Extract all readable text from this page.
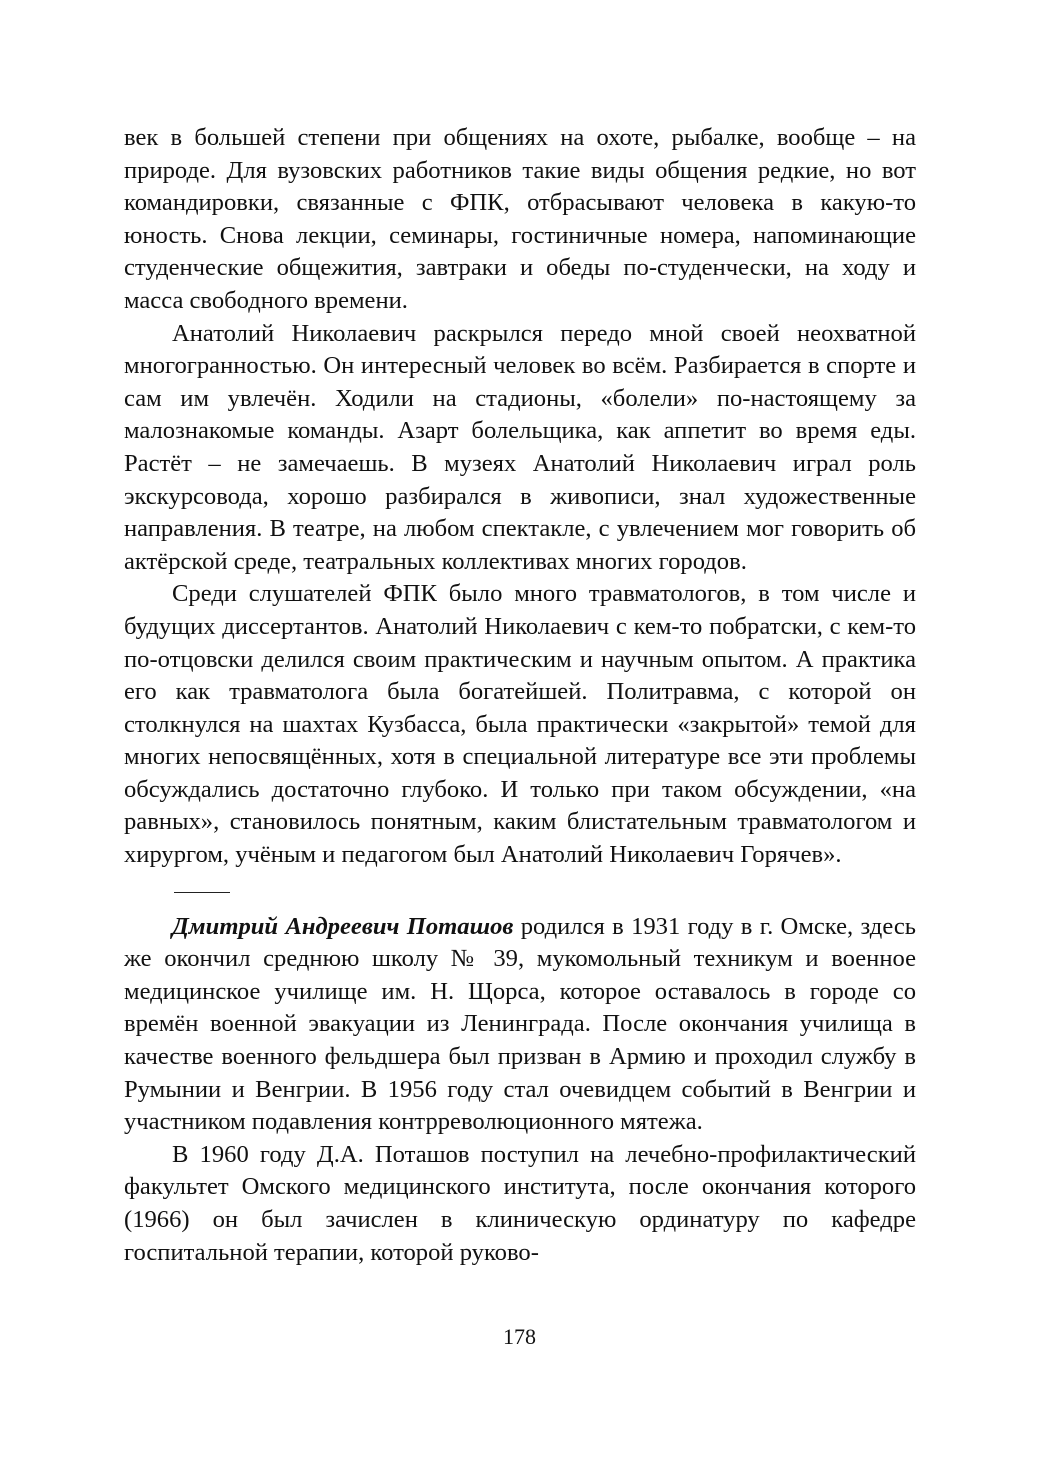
век в большей степени при общениях на охоте, рыбалке, вообще – на природе. Для вузовских работников такие виды общения редкие, но вот командировки, связанные с ФПК, отбрасывают человека в какую-то юность. Снова лекции, семинары, гостиничные номера, напоминающие студенческие общежития, завтраки и обеды по-студенчески, на ходу и масса свободного времени.

Анатолий Николаевич раскрылся передо мной своей неохватной многогранностью. Он интересный человек во всём. Разбирается в спорте и сам им увлечён. Ходили на стадионы, «болели» по-настоящему за малознакомые команды. Азарт болельщика, как аппетит во время еды. Растёт – не замечаешь. В музеях Анатолий Николаевич играл роль экскурсовода, хорошо разбирался в живописи, знал художественные направления. В театре, на любом спектакле, с увлечением мог говорить об актёрской среде, театральных коллективах многих городов.

Среди слушателей ФПК было много травматологов, в том числе и будущих диссертантов. Анатолий Николаевич с кем-то побратски, с кем-то по-отцовски делился своим практическим и научным опытом. А практика его как травматолога была богатейшей. Политравма, с которой он столкнулся на шахтах Кузбасса, была практически «закрытой» темой для многих непосвящённых, хотя в специальной литературе все эти проблемы обсуждались достаточно глубоко. И только при таком обсуждении, «на равных», становилось понятным, каким блистательным травматологом и хирургом, учёным и педагогом был Анатолий Николаевич Горячев».

Дмитрий Андреевич Поташов родился в 1931 году в г. Омске, здесь же окончил среднюю школу № 39, мукомольный техникум и военное медицинское училище им. Н. Щорса, которое оставалось в городе со времён военной эвакуации из Ленинграда. После окончания училища в качестве военного фельдшера был призван в Армию и проходил службу в Румынии и Венгрии. В 1956 году стал очевидцем событий в Венгрии и участником подавления контрреволюционного мятежа.

В 1960 году Д.А. Поташов поступил на лечебно-профилактический факультет Омского медицинского института, после окончания которого (1966) он был зачислен в клиническую ординатуру по кафедре госпитальной терапии, которой руково-

178
